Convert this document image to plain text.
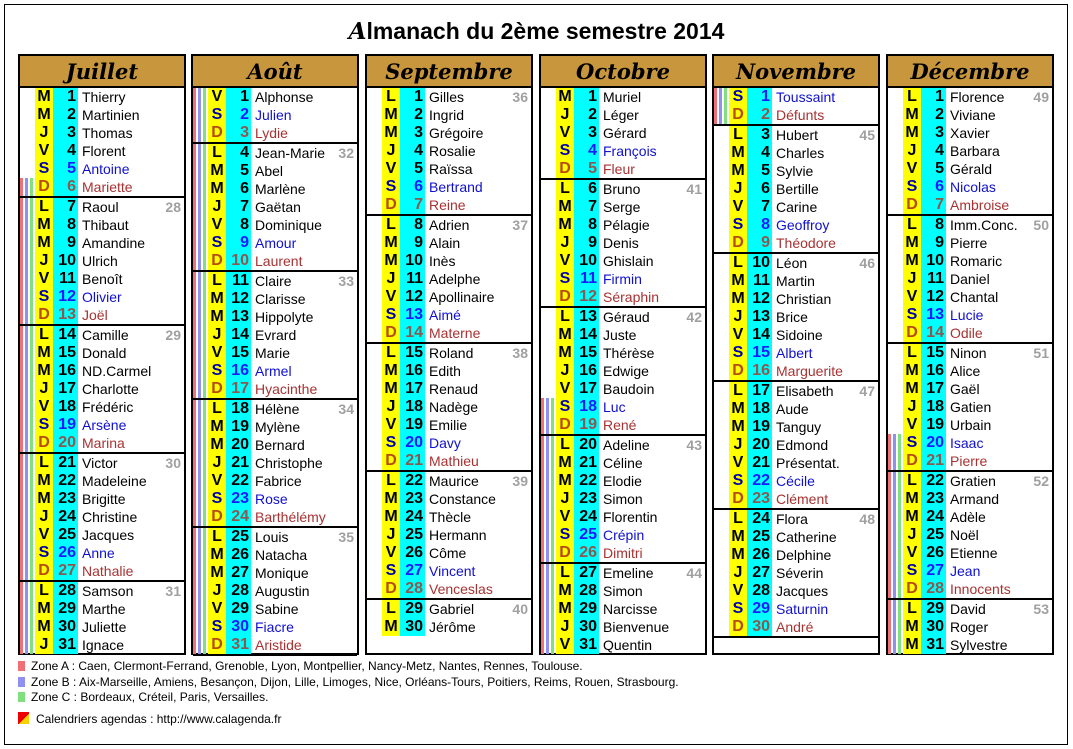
Almanach du 2ème semestre 2014
Juillet
M	1 Thierry
M	2 Martinien
J	3 Thomas
V	4 Florent
S	5 Antoine
D	6 Mariette
L	7 Raoul	28
M	8 Thibaut
M	9 Amandine
J 10 Ulrich
V 11 Benoît
S 12 Olivier
D 13 Joël
L 14 Camille	29
M 15 Donald
M 16 ND.Carmel
J 17 Charlotte
V 18 Frédéric
S 19 Arsène
D 20 Marina
L 21 Victor	30
M 22 Madeleine
M 23 Brigitte
J 24 Christine
V 25 Jacques
S 26 Anne
D 27 Nathalie
L 28 Samson 31
M 29 Marthe
M 30 Juliette
J 31 Ignace
Août
V	1 Alphonse
S	2 Julien
D	3 Lydie
L	4 Jean-Marie 32
M	5 Abel
M	6 Marlène
J	7 Gaëtan
V	8 Dominique
S	9 Amour
D 10 Laurent
L 11 Claire	33
M 12 Clarisse
M 13 Hippolyte
J 14 Evrard
V 15 Marie
S 16 Armel
D 17 Hyacinthe
L 18 Hélène	34
M 19 Mylène
M 20 Bernard
J 21 Christophe
V 22 Fabrice
S 23 Rose
D 24 Barthélémy
L 25 Louis	35
M 26 Natacha
M 27 Monique
J 28 Augustin
V 29 Sabine
S 30 Fiacre
D 31 Aristide
Septembre
L	1 Gilles	36
M	2 Ingrid
M	3 Grégoire
J	4 Rosalie
V	5 Raïssa
S	6 Bertrand
D	7 Reine
L	8 Adrien	37
M	9 Alain
M 10 Inès
J 11 Adelphe
V 12 Apollinaire
S 13 Aimé
D 14 Materne
L 15 Roland	38
M 16 Edith
M 17 Renaud
J 18 Nadège
V 19 Emilie
S 20 Davy
D 21 Mathieu
L 22 Maurice 39
M 23 Constance
M 24 Thècle
J 25 Hermann
V 26 Côme
S 27 Vincent
D 28 Venceslas
L 29 Gabriel	40
M 30 Jérôme
Octobre
M	1 Muriel
J	2 Léger
V	3 Gérard
S	4 François
D	5 Fleur
L	6 Bruno	41
M	7 Serge
M	8 Pélagie
J	9 Denis
V 10 Ghislain
S 11 Firmin
D 12 Séraphin
L 13 Géraud	42
M 14 Juste
M 15 Thérèse
J 16 Edwige
V 17 Baudoin
S 18 Luc
D 19 René
L 20 Adeline	43
M 21 Céline
M 22 Elodie
J 23 Simon
V 24 Florentin
S 25 Crépin
D 26 Dimitri
L 27 Emeline 44
M 28 Simon
M 29 Narcisse
J 30 Bienvenue
V 31 Quentin
Novembre
S	1 Toussaint
D	2 Défunts
L	3 Hubert	45
M	4 Charles
M	5 Sylvie
J	6 Bertille
V	7 Carine
S	8 Geoffroy
D	9 Théodore
L 10 Léon	46
M 11 Martin
M 12 Christian
J 13 Brice
V 14 Sidoine
S 15 Albert
D 16 Marguerite
L 17 Elisabeth 47
M 18 Aude
M 19 Tanguy
J 20 Edmond
V 21 Présentat.
S 22 Cécile
D 23 Clément
L 24 Flora	48
M 25 Catherine
M 26 Delphine
J 27 Séverin
V 28 Jacques
S 29 Saturnin
D 30 André
Décembre
L	1 Florence 49
M	2 Viviane
M	3 Xavier
J	4 Barbara
V	5 Gérald
S	6 Nicolas
D	7 Ambroise
L	8 Imm.Conc. 50
M	9 Pierre
M 10 Romaric
J 11 Daniel
V 12 Chantal
S 13 Lucie
D 14 Odile
L 15 Ninon	51
M 16 Alice
M 17 Gaël
J 18 Gatien
V 19 Urbain
S 20 Isaac
D 21 Pierre
L 22 Gratien	52
M 23 Armand
M 24 Adèle
J 25 Noël
V 26 Etienne
S 27 Jean
D 28 Innocents
L 29 David	53
M 30 Roger
M 31 Sylvestre
Zone A : Caen, Clermont-Ferrand, Grenoble, Lyon, Montpellier, Nancy-Metz, Nantes, Rennes, Toulouse.
Zone B : Aix-Marseille, Amiens, Besançon, Dijon, Lille, Limoges, Nice, Orléans-Tours, Poitiers, Reims, Rouen, Strasbourg.
Zone C : Bordeaux, Créteil, Paris, Versailles.
Calendriers agendas : http://www.calagenda.fr
